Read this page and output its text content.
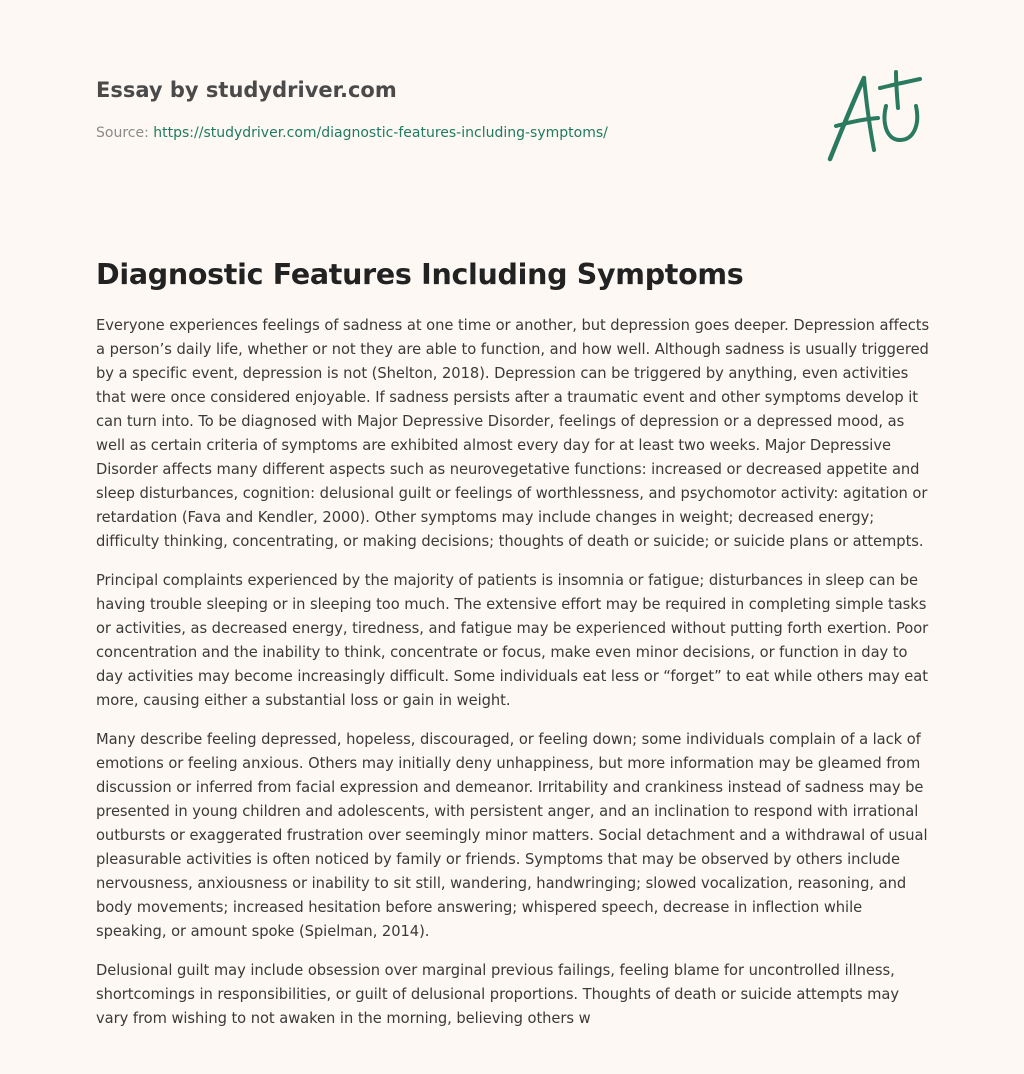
Essay by studydriver.com
Source: https://studydriver.com/diagnostic-features-including-symptoms/
Diagnostic Features Including Symptoms

Everyone experiences feelings of sadness at one time or another, but depression goes deeper. Depression affects a person’s daily life, whether or not they are able to function, and how well. Although sadness is usually triggered by a specific event, depression is not (Shelton, 2018). Depression can be triggered by anything, even activities that were once considered enjoyable. If sadness persists after a traumatic event and other symptoms develop it can turn into. To be diagnosed with Major Depressive Disorder, feelings of depression or a depressed mood, as well as certain criteria of symptoms are exhibited almost every day for at least two weeks. Major Depressive Disorder affects many different aspects such as neurovegetative functions: increased or decreased appetite and sleep disturbances, cognition: delusional guilt or feelings of worthlessness, and psychomotor activity: agitation or retardation (Fava and Kendler, 2000). Other symptoms may include changes in weight; decreased energy; difficulty thinking, concentrating, or making decisions; thoughts of death or suicide; or suicide plans or attempts.

Principal complaints experienced by the majority of patients is insomnia or fatigue; disturbances in sleep can be having trouble sleeping or in sleeping too much. The extensive effort may be required in completing simple tasks or activities, as decreased energy, tiredness, and fatigue may be experienced without putting forth exertion. Poor concentration and the inability to think, concentrate or focus, make even minor decisions, or function in day to day activities may become increasingly difficult. Some individuals eat less or “forget” to eat while others may eat more, causing either a substantial loss or gain in weight.

Many describe feeling depressed, hopeless, discouraged, or feeling down; some individuals complain of a lack of emotions or feeling anxious. Others may initially deny unhappiness, but more information may be gleamed from discussion or inferred from facial expression and demeanor. Irritability and crankiness instead of sadness may be presented in young children and adolescents, with persistent anger, and an inclination to respond with irrational outbursts or exaggerated frustration over seemingly minor matters. Social detachment and a withdrawal of usual pleasurable activities is often noticed by family or friends. Symptoms that may be observed by others include nervousness, anxiousness or inability to sit still, wandering, handwringing; slowed vocalization, reasoning, and body movements; increased hesitation before answering; whispered speech, decrease in inflection while speaking, or amount spoke (Spielman, 2014).

Delusional guilt may include obsession over marginal previous failings, feeling blame for uncontrolled illness, shortcomings in responsibilities, or guilt of delusional proportions. Thoughts of death or suicide attempts may vary from wishing to not awaken in the morning, believing others w
